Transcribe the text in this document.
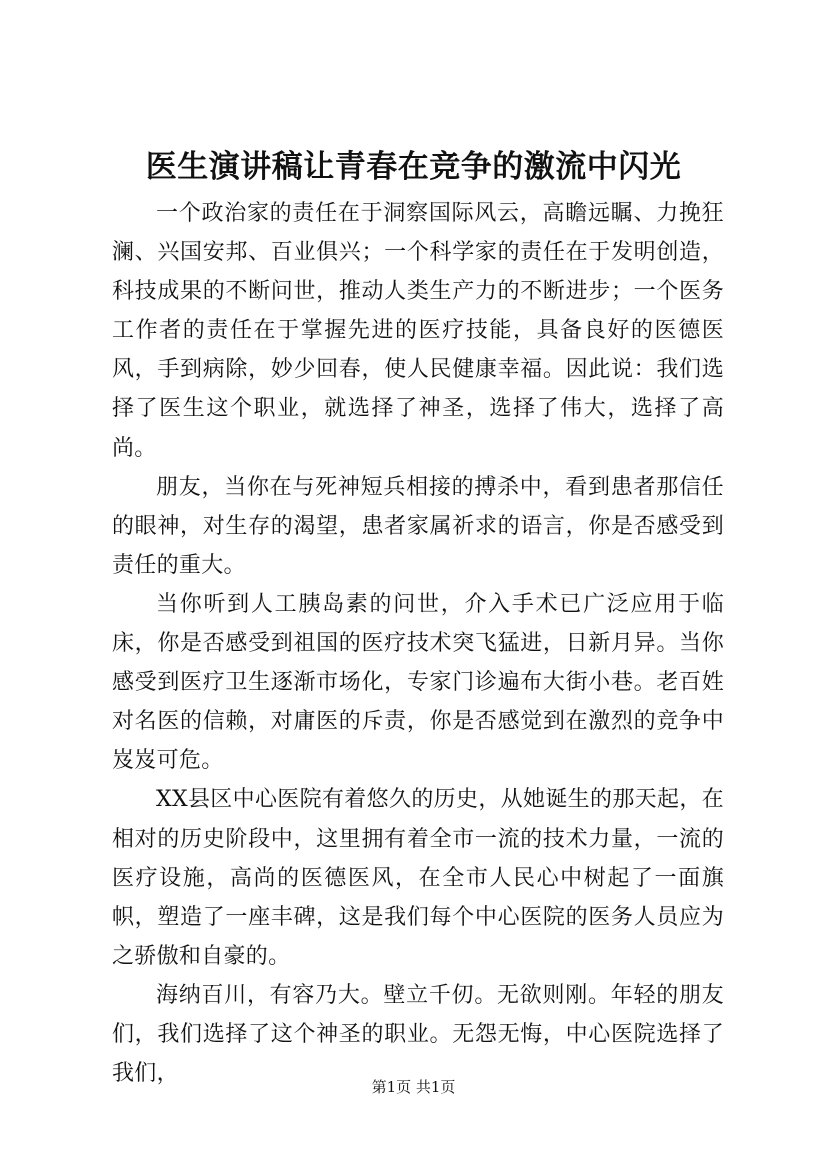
医生演讲稿让青春在竞争的激流中闪光

一个政治家的责任在于洞察国际风云，高瞻远瞩、力挽狂澜、兴国安邦、百业俱兴；一个科学家的责任在于发明创造，科技成果的不断问世，推动人类生产力的不断进步；一个医务工作者的责任在于掌握先进的医疗技能，具备良好的医德医风，手到病除，妙少回春，使人民健康幸福。因此说：我们选择了医生这个职业，就选择了神圣，选择了伟大，选择了高尚。

朋友，当你在与死神短兵相接的搏杀中，看到患者那信任的眼神，对生存的渴望，患者家属祈求的语言，你是否感受到责任的重大。

当你听到人工胰岛素的问世，介入手术已广泛应用于临床，你是否感受到祖国的医疗技术突飞猛进，日新月异。当你感受到医疗卫生逐渐市场化，专家门诊遍布大街小巷。老百姓对名医的信赖，对庸医的斥责，你是否感觉到在激烈的竞争中岌岌可危。

XX县区中心医院有着悠久的历史，从她诞生的那天起，在相对的历史阶段中，这里拥有着全市一流的技术力量，一流的医疗设施，高尚的医德医风，在全市人民心中树起了一面旗帜，塑造了一座丰碑，这是我们每个中心医院的医务人员应为之骄傲和自豪的。

海纳百川，有容乃大。壁立千仞。无欲则刚。年轻的朋友们，我们选择了这个神圣的职业。无怨无悔，中心医院选择了我们，

第1页 共1页
